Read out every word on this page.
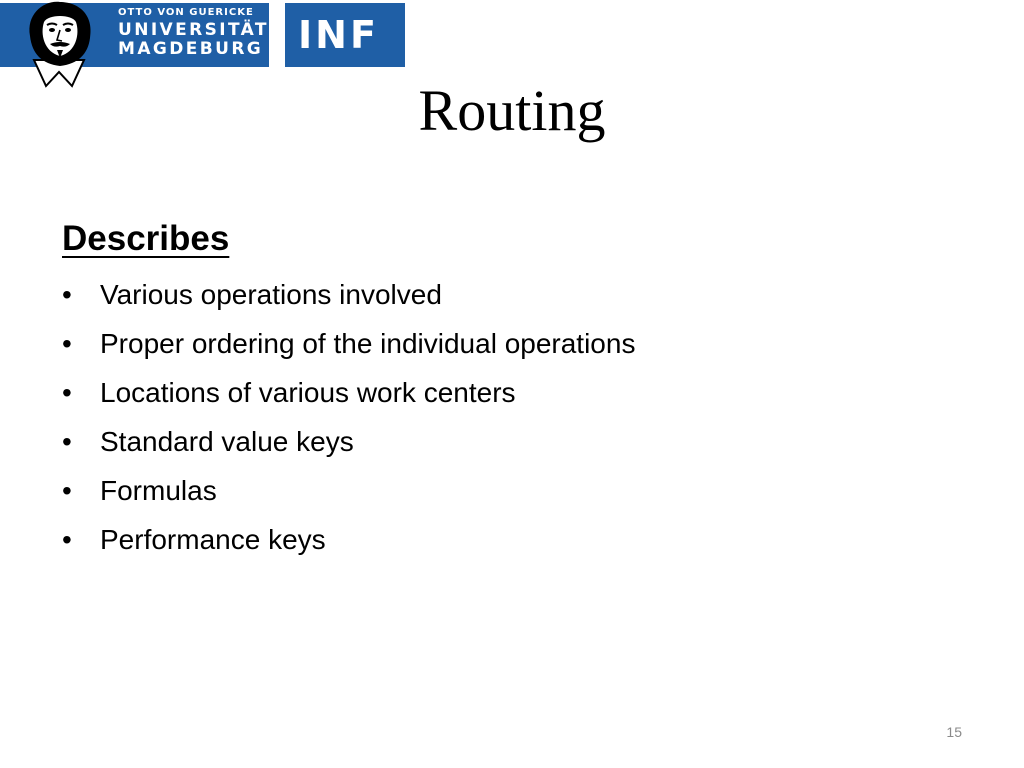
OTTO VON GUERICKE
UNIVERSITÄT
MAGDEBURG INF
Routing
Describes
• Various operations involved
• Proper ordering of the individual operations
• Locations of various work centers
• Standard value keys
• Formulas
• Performance keys
15
